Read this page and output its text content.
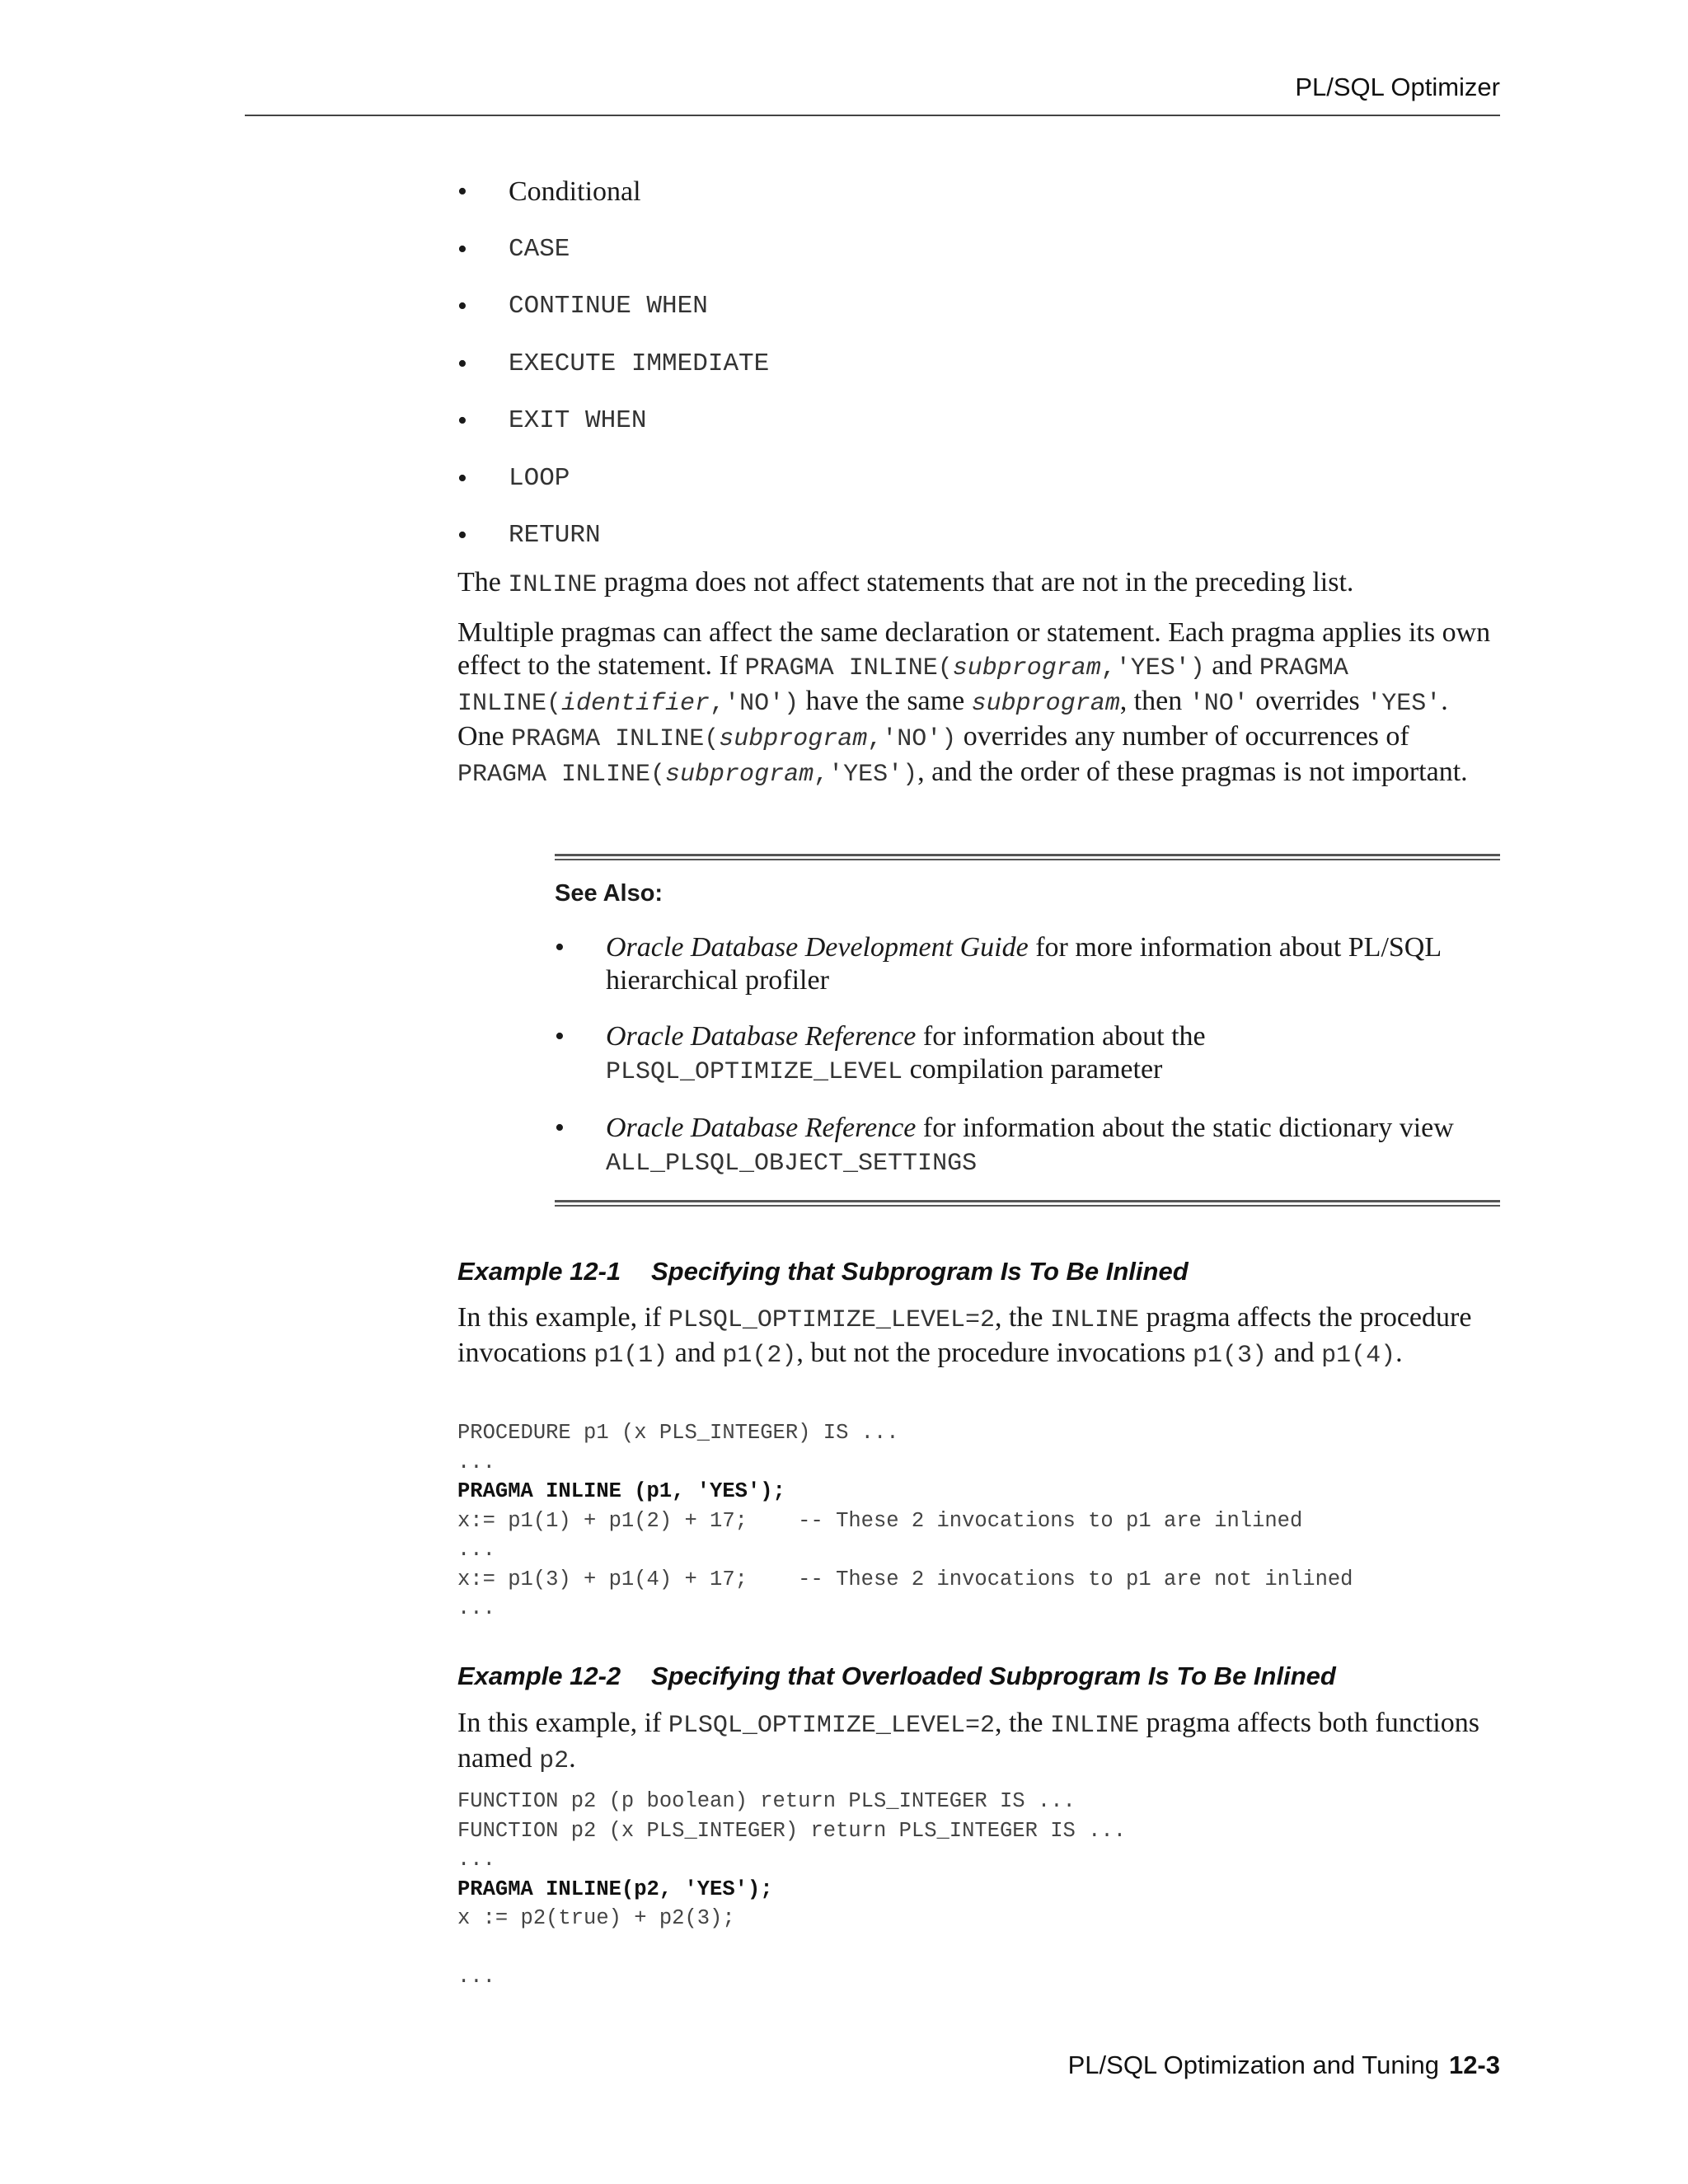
PL/SQL Optimizer
• Conditional
• CASE
• CONTINUE WHEN
• EXECUTE IMMEDIATE
• EXIT WHEN
• LOOP
• RETURN

The INLINE pragma does not affect statements that are not in the preceding list.

Multiple pragmas can affect the same declaration or statement. Each pragma applies its own effect to the statement. If PRAGMA INLINE(subprogram,'YES') and PRAGMA INLINE(identifier,'NO') have the same subprogram, then 'NO' overrides 'YES'. One PRAGMA INLINE(subprogram,'NO') overrides any number of occurrences of PRAGMA INLINE(subprogram,'YES'), and the order of these pragmas is not important.

See Also:
• Oracle Database Development Guide for more information about PL/SQL hierarchical profiler
• Oracle Database Reference for information about the PLSQL_OPTIMIZE_LEVEL compilation parameter
• Oracle Database Reference for information about the static dictionary view ALL_PLSQL_OBJECT_SETTINGS
Example 12-1 Specifying that Subprogram Is To Be Inlined
In this example, if PLSQL_OPTIMIZE_LEVEL=2, the INLINE pragma affects the procedure invocations p1(1) and p1(2), but not the procedure invocations p1(3) and p1(4).
PROCEDURE p1 (x PLS_INTEGER) IS ...
...
PRAGMA INLINE (p1, 'YES');
x:= p1(1) + p1(2) + 17;    -- These 2 invocations to p1 are inlined
...
x:= p1(3) + p1(4) + 17;    -- These 2 invocations to p1 are not inlined
...
Example 12-2 Specifying that Overloaded Subprogram Is To Be Inlined
In this example, if PLSQL_OPTIMIZE_LEVEL=2, the INLINE pragma affects both functions named p2.
FUNCTION p2 (p boolean) return PLS_INTEGER IS ...
FUNCTION p2 (x PLS_INTEGER) return PLS_INTEGER IS ...
...
PRAGMA INLINE(p2, 'YES');
x := p2(true) + p2(3);

...
PL/SQL Optimization and Tuning 12-3
